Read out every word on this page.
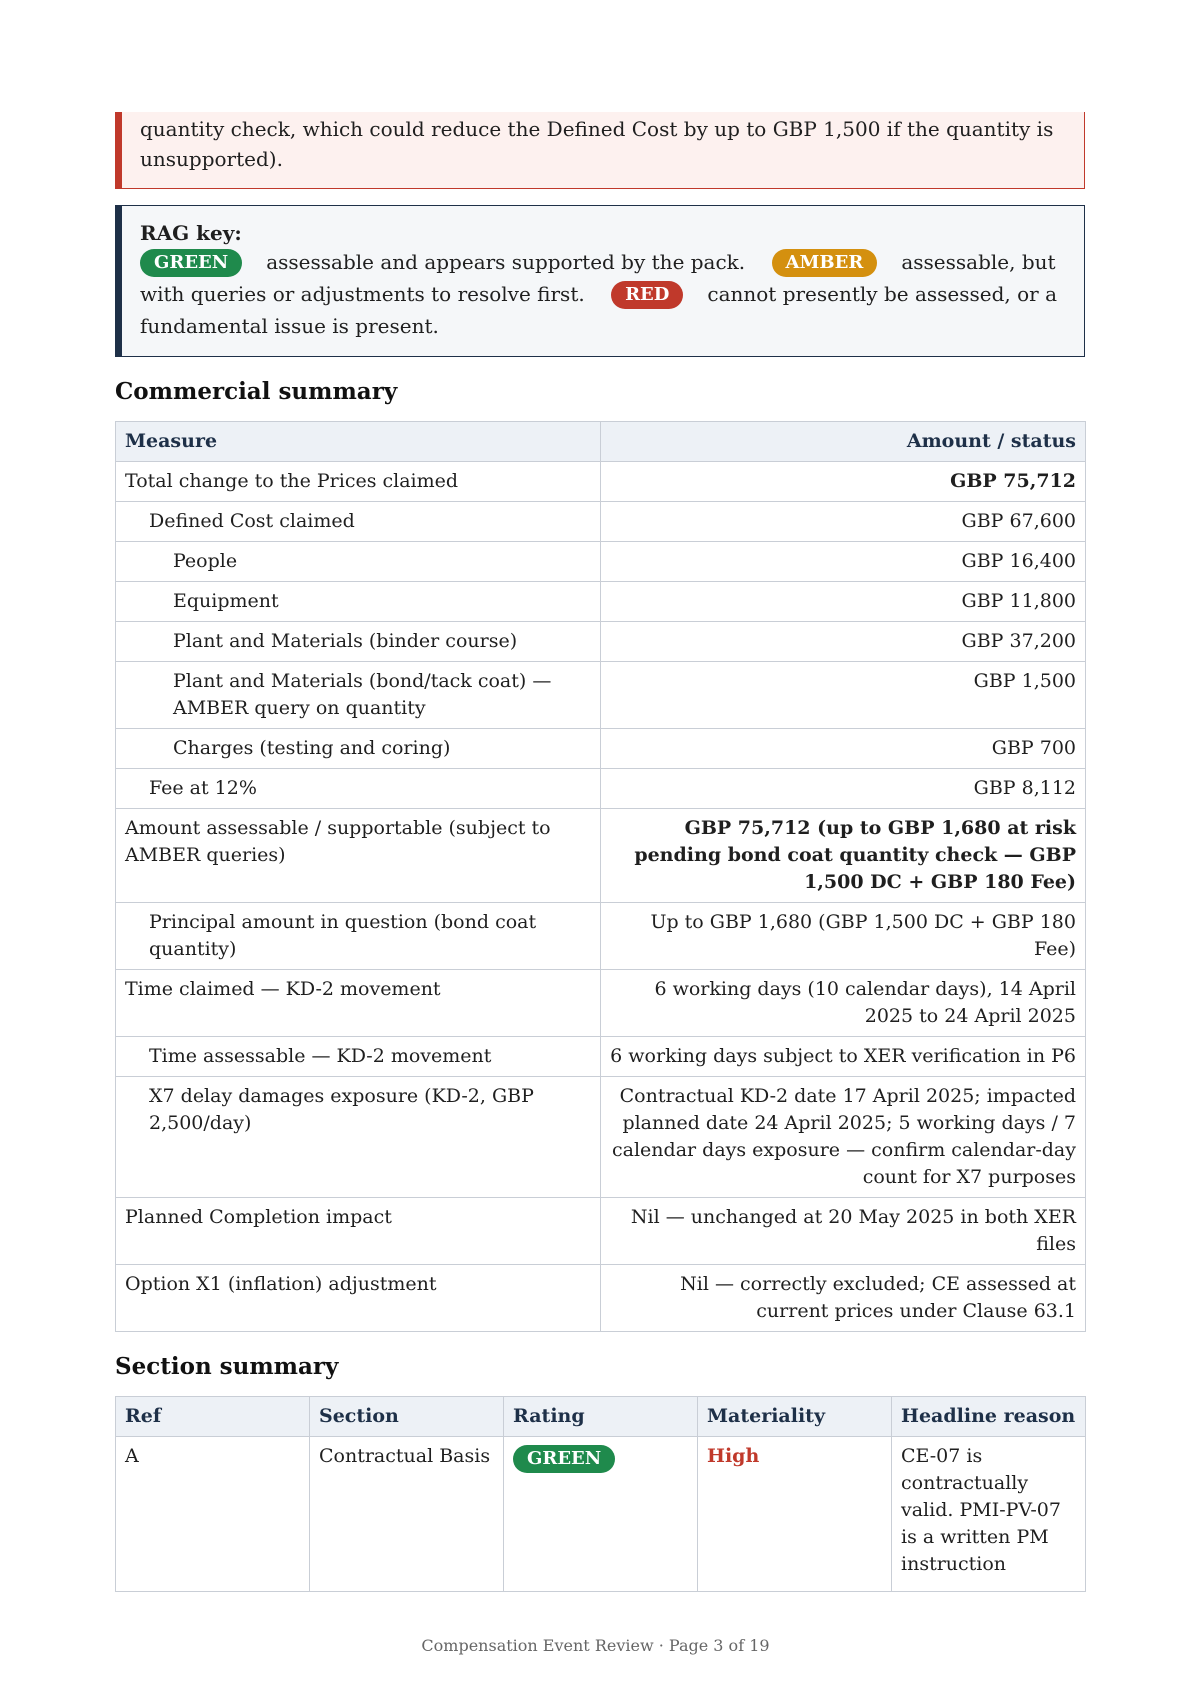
quantity check, which could reduce the Defined Cost by up to GBP 1,500 if the quantity is unsupported).
RAG key:
GREEN assessable and appears supported by the pack. AMBER assessable, but with queries or adjustments to resolve first. RED cannot presently be assessed, or a fundamental issue is present.
Commercial summary
Measure	Amount / status
Total change to the Prices claimed	GBP 75,712
Defined Cost claimed	GBP 67,600
People	GBP 16,400
Equipment	GBP 11,800
Plant and Materials (binder course)	GBP 37,200
Plant and Materials (bond/tack coat) — AMBER query on quantity	GBP 1,500
Charges (testing and coring)	GBP 700
Fee at 12%	GBP 8,112
Amount assessable / supportable (subject to AMBER queries)	GBP 75,712 (up to GBP 1,680 at risk pending bond coat quantity check — GBP 1,500 DC + GBP 180 Fee)
Principal amount in question (bond coat quantity)	Up to GBP 1,680 (GBP 1,500 DC + GBP 180 Fee)
Time claimed — KD-2 movement	6 working days (10 calendar days), 14 April 2025 to 24 April 2025
Time assessable — KD-2 movement	6 working days subject to XER verification in P6
X7 delay damages exposure (KD-2, GBP 2,500/day)	Contractual KD-2 date 17 April 2025; impacted planned date 24 April 2025; 5 working days / 7 calendar days exposure — confirm calendar-day count for X7 purposes
Planned Completion impact	Nil — unchanged at 20 May 2025 in both XER files
Option X1 (inflation) adjustment	Nil — correctly excluded; CE assessed at current prices under Clause 63.1
Section summary
Ref	Section	Rating	Materiality	Headline reason
A	Contractual Basis	GREEN	High	CE-07 is contractually valid. PMI-PV-07 is a written PM instruction
Compensation Event Review · Page 3 of 19
